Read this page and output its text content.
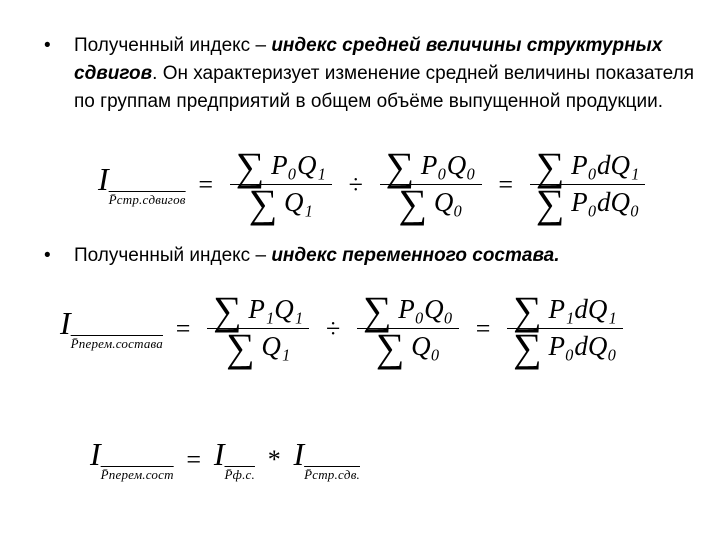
• Полученный индекс – индекс средней величины структурных сдвигов. Он характеризует изменение средней величины показателя по группам предприятий в общем объёме выпущенной продукции.
$I_{P̄стр.сдвигов} = \frac{\text{∑ P₀Q₁}}{\text{∑ Q₁}} \div \frac{\text{∑ P₀Q₀}}{\text{∑ Q₀}} = \frac{\text{∑ P₀dQ₁}}{\text{∑ P₀dQ₀}}$
• Полученный индекс – индекс переменного состава.
$I_{P̄перем.состава} = \frac{\text{∑ P₁Q₁}}{\text{∑ Q₁}} \div \frac{\text{∑ P₀Q₀}}{\text{∑ Q₀}} = \frac{\text{∑ P₁dQ₁}}{\text{∑ P₀dQ₀}}$
$I_{P̄перем.сост} = I_{P̄ф.с.} * I_{P̄стр.сдв.}$
